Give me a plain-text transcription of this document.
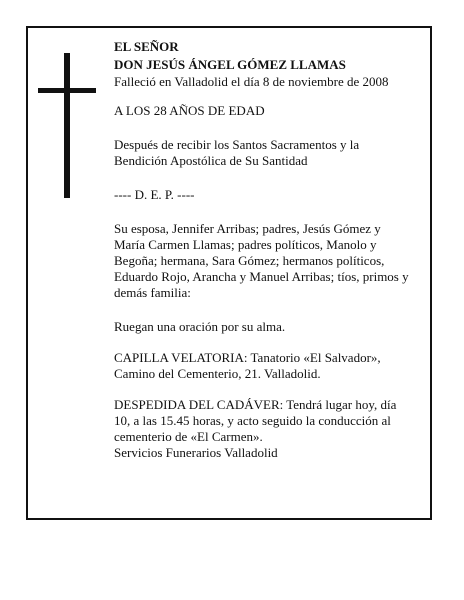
EL SEÑOR

DON JESÚS ÁNGEL GÓMEZ LLAMAS

Falleció en Valladolid el día 8 de noviembre de 2008

A LOS 28 AÑOS DE EDAD

Después de recibir los Santos Sacramentos y la Bendición Apostólica de Su Santidad

---- D. E. P. ----

Su esposa, Jennifer Arribas; padres, Jesús Gómez y María Carmen Llamas; padres políticos, Manolo y Begoña; hermana, Sara Gómez; hermanos políticos, Eduardo Rojo, Arancha y Manuel Arribas; tíos, primos y demás familia:

Ruegan una oración por su alma.

CAPILLA VELATORIA: Tanatorio «El Salvador», Camino del Cementerio, 21. Valladolid.

DESPEDIDA DEL CADÁVER: Tendrá lugar hoy, día 10, a las 15.45 horas, y acto seguido la conducción al cementerio de «El Carmen».

Servicios Funerarios Valladolid
